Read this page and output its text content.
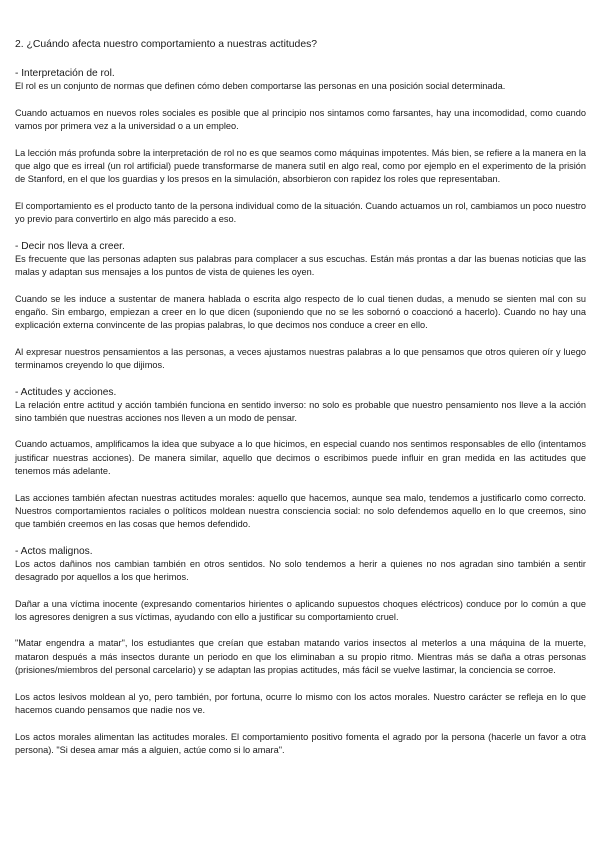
2. ¿Cuándo afecta nuestro comportamiento a nuestras actitudes?
- Interpretación de rol.

El rol es un conjunto de normas que definen cómo deben comportarse las personas en una posición social determinada.

Cuando actuamos en nuevos roles sociales es posible que al principio nos sintamos como farsantes, hay una incomodidad, como cuando vamos por primera vez a la universidad o a un empleo.

La lección más profunda sobre la interpretación de rol no es que seamos como máquinas impotentes. Más bien, se refiere a la manera en la que algo que es irreal (un rol artificial) puede transformarse de manera sutil en algo real, como por ejemplo en el experimento de la prisión de Stanford, en el que los guardias y los presos en la simulación, absorbieron con rapidez los roles que representaban.

El comportamiento es el producto tanto de la persona individual como de la situación. Cuando actuamos un rol, cambiamos un poco nuestro yo previo para convertirlo en algo más parecido a eso.

- Decir nos lleva a creer.

Es frecuente que las personas adapten sus palabras para complacer a sus escuchas. Están más prontas a dar las buenas noticias que las malas y adaptan sus mensajes a los puntos de vista de quienes les oyen.

Cuando se les induce a sustentar de manera hablada o escrita algo respecto de lo cual tienen dudas, a menudo se sienten mal con su engaño. Sin embargo, empiezan a creer en lo que dicen (suponiendo que no se les sobornó o coaccionó a hacerlo). Cuando no hay una explicación externa convincente de las propias palabras, lo que decimos nos conduce a creer en ello.

Al expresar nuestros pensamientos a las personas, a veces ajustamos nuestras palabras a lo que pensamos que otros quieren oír y luego terminamos creyendo lo que dijimos.

- Actitudes y acciones.

La relación entre actitud y acción también funciona en sentido inverso: no solo es probable que nuestro pensamiento nos lleve a la acción sino también que nuestras acciones nos lleven a un modo de pensar.

Cuando actuamos, amplificamos la idea que subyace a lo que hicimos, en especial cuando nos sentimos responsables de ello (intentamos justificar nuestras acciones). De manera similar, aquello que decimos o escribimos puede influir en gran medida en las actitudes que tenemos más adelante.

Las acciones también afectan nuestras actitudes morales: aquello que hacemos, aunque sea malo, tendemos a justificarlo como correcto. Nuestros comportamientos raciales o políticos moldean nuestra consciencia social: no solo defendemos aquello en lo que creemos, sino que también creemos en las cosas que hemos defendido.

- Actos malignos.

Los actos dañinos nos cambian también en otros sentidos. No solo tendemos a herir a quienes no nos agradan sino también a sentir desagrado por aquellos a los que herimos.

Dañar a una víctima inocente (expresando comentarios hirientes o aplicando supuestos choques eléctricos) conduce por lo común a que los agresores denigren a sus víctimas, ayudando con ello a justificar su comportamiento cruel.

"Matar engendra a matar", los estudiantes que creían que estaban matando varios insectos al meterlos a una máquina de la muerte, mataron después a más insectos durante un periodo en que los eliminaban a su propio ritmo. Mientras más se daña a otras personas (prisiones/miembros del personal carcelario) y se adaptan las propias actitudes, más fácil se vuelve lastimar, la conciencia se corroe.

Los actos lesivos moldean al yo, pero también, por fortuna, ocurre lo mismo con los actos morales. Nuestro carácter se refleja en lo que hacemos cuando pensamos que nadie nos ve.

Los actos morales alimentan las actitudes morales. El comportamiento positivo fomenta el agrado por la persona (hacerle un favor a otra persona). "Si desea amar más a alguien, actúe como si lo amara".
